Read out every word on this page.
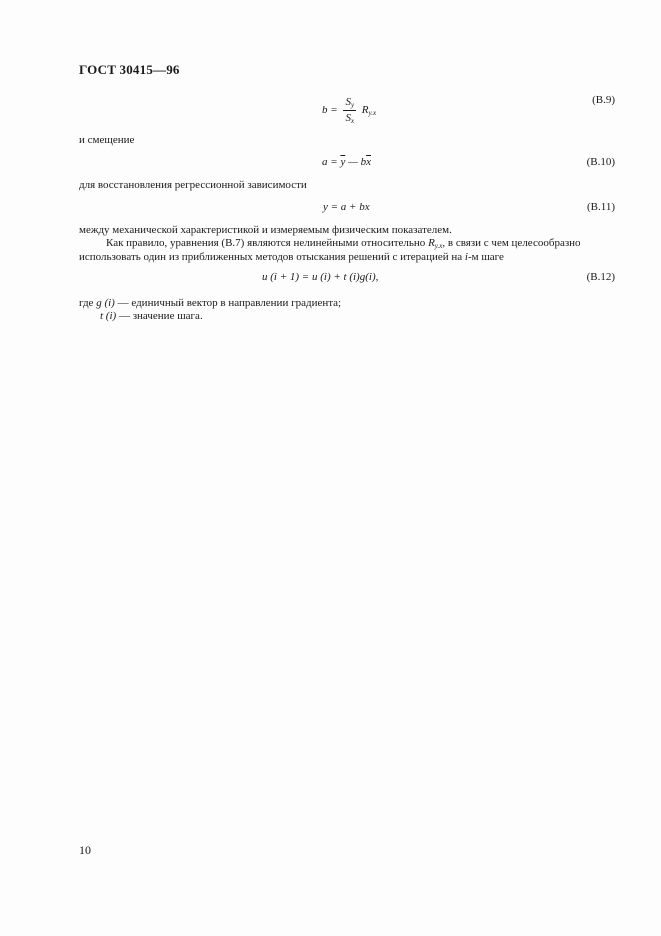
ГОСТ 30415—96
$b = \frac{S_y}{S_x} R_{y.x}$
(В.9)
и смещение
$a = \overline{y}$ — $b\overline{x}$	(В.10)
для восстановления регрессионной зависимости
y = a + bx	(В.11)
между механической характеристикой и измеряемым физическим показателем.
Как правило, уравнения (В.7) являются нелинейными относительно $R_{y.x}$, в связи с чем целесообразно
использовать один из приближенных методов отыскания решений с итерацией на i-м шаге
u (i + 1) = u (i) + t (i)g(i),	(В.12)
где g (i) — единичный вектор в направлении градиента;
t (i) — значение шага.
10
